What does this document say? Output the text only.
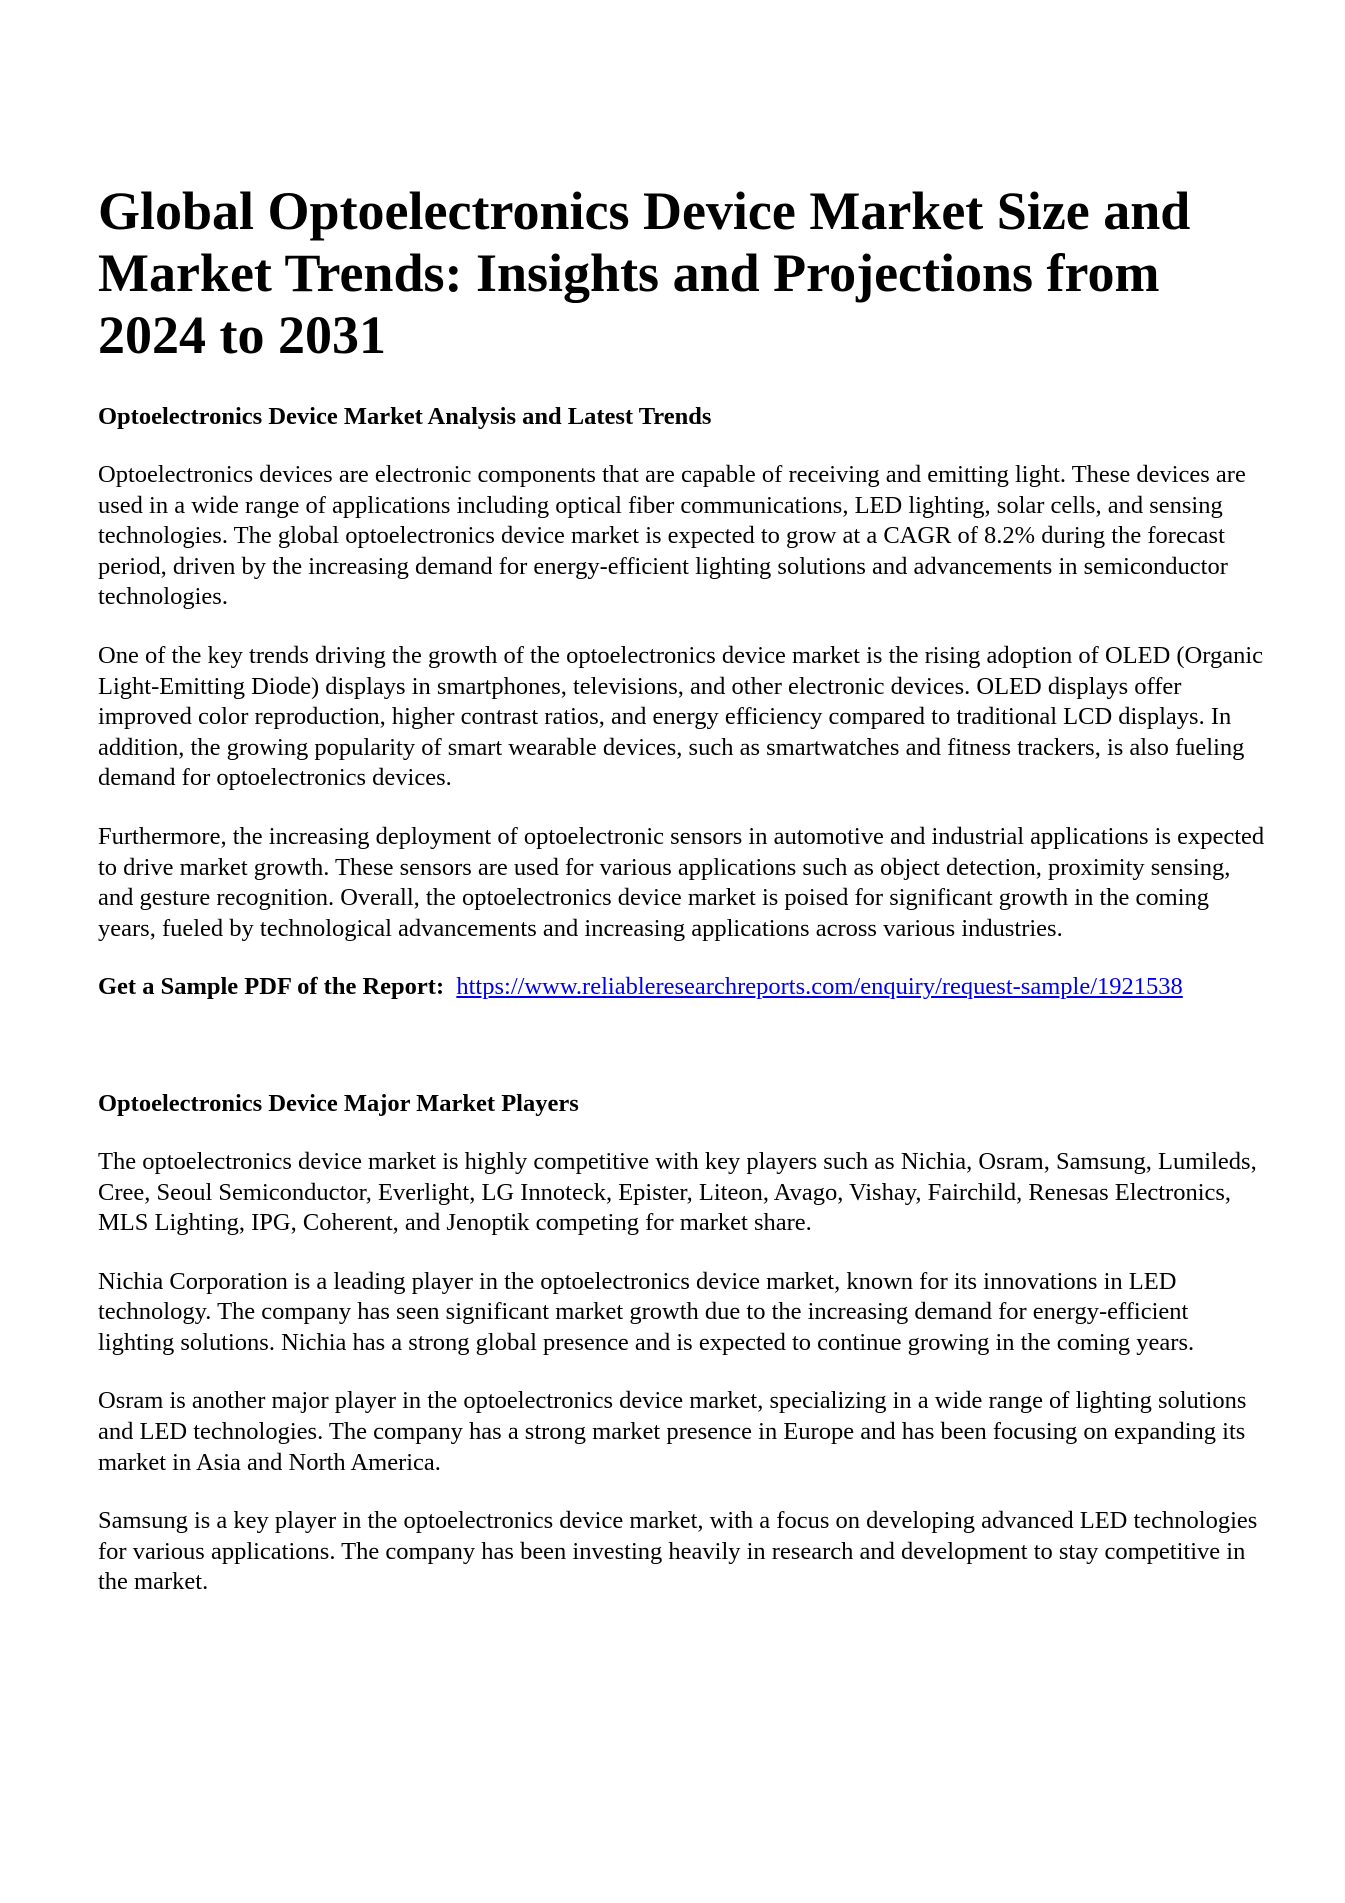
Global Optoelectronics Device Market Size and Market Trends: Insights and Projections from 2024 to 2031
Optoelectronics Device Market Analysis and Latest Trends

Optoelectronics devices are electronic components that are capable of receiving and emitting light. These devices are used in a wide range of applications including optical fiber communications, LED lighting, solar cells, and sensing technologies. The global optoelectronics device market is expected to grow at a CAGR of 8.2% during the forecast period, driven by the increasing demand for energy-efficient lighting solutions and advancements in semiconductor technologies.

One of the key trends driving the growth of the optoelectronics device market is the rising adoption of OLED (Organic Light-Emitting Diode) displays in smartphones, televisions, and other electronic devices. OLED displays offer improved color reproduction, higher contrast ratios, and energy efficiency compared to traditional LCD displays. In addition, the growing popularity of smart wearable devices, such as smartwatches and fitness trackers, is also fueling demand for optoelectronics devices.

Furthermore, the increasing deployment of optoelectronic sensors in automotive and industrial applications is expected to drive market growth. These sensors are used for various applications such as object detection, proximity sensing, and gesture recognition. Overall, the optoelectronics device market is poised for significant growth in the coming years, fueled by technological advancements and increasing applications across various industries.

Get a Sample PDF of the Report: https://www.reliableresearchreports.com/enquiry/request-sample/1921538

Optoelectronics Device Major Market Players

The optoelectronics device market is highly competitive with key players such as Nichia, Osram, Samsung, Lumileds, Cree, Seoul Semiconductor, Everlight, LG Innoteck, Epister, Liteon, Avago, Vishay, Fairchild, Renesas Electronics, MLS Lighting, IPG, Coherent, and Jenoptik competing for market share.

Nichia Corporation is a leading player in the optoelectronics device market, known for its innovations in LED technology. The company has seen significant market growth due to the increasing demand for energy-efficient lighting solutions. Nichia has a strong global presence and is expected to continue growing in the coming years.

Osram is another major player in the optoelectronics device market, specializing in a wide range of lighting solutions and LED technologies. The company has a strong market presence in Europe and has been focusing on expanding its market in Asia and North America.

Samsung is a key player in the optoelectronics device market, with a focus on developing advanced LED technologies for various applications. The company has been investing heavily in research and development to stay competitive in the market.
